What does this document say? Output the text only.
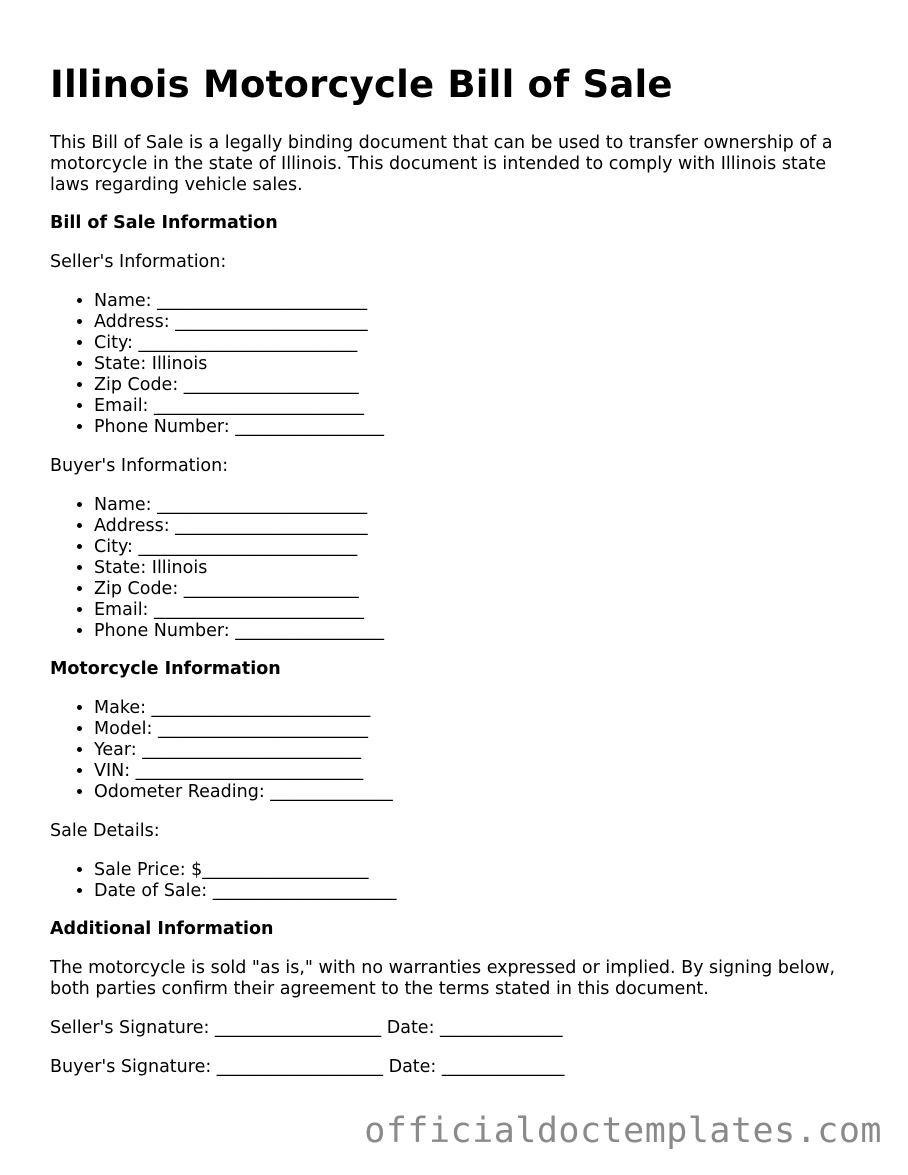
Illinois Motorcycle Bill of Sale

This Bill of Sale is a legally binding document that can be used to transfer ownership of a motorcycle in the state of Illinois. This document is intended to comply with Illinois state laws regarding vehicle sales.

Bill of Sale Information

Seller's Information:

• Name: ________________________
• Address: ______________________
• City: _________________________
• State: Illinois
• Zip Code: ____________________
• Email: ________________________
• Phone Number: _________________

Buyer's Information:

• Name: ________________________
• Address: ______________________
• City: _________________________
• State: Illinois
• Zip Code: ____________________
• Email: ________________________
• Phone Number: _________________

Motorcycle Information

• Make: _________________________
• Model: ________________________
• Year: _________________________
• VIN: __________________________
• Odometer Reading: ______________

Sale Details:

• Sale Price: $___________________
• Date of Sale: _____________________

Additional Information

The motorcycle is sold "as is," with no warranties expressed or implied. By signing below, both parties confirm their agreement to the terms stated in this document.

Seller's Signature: ___________________ Date: ______________

Buyer's Signature: ___________________ Date: ______________

officialdoctemplates.com
